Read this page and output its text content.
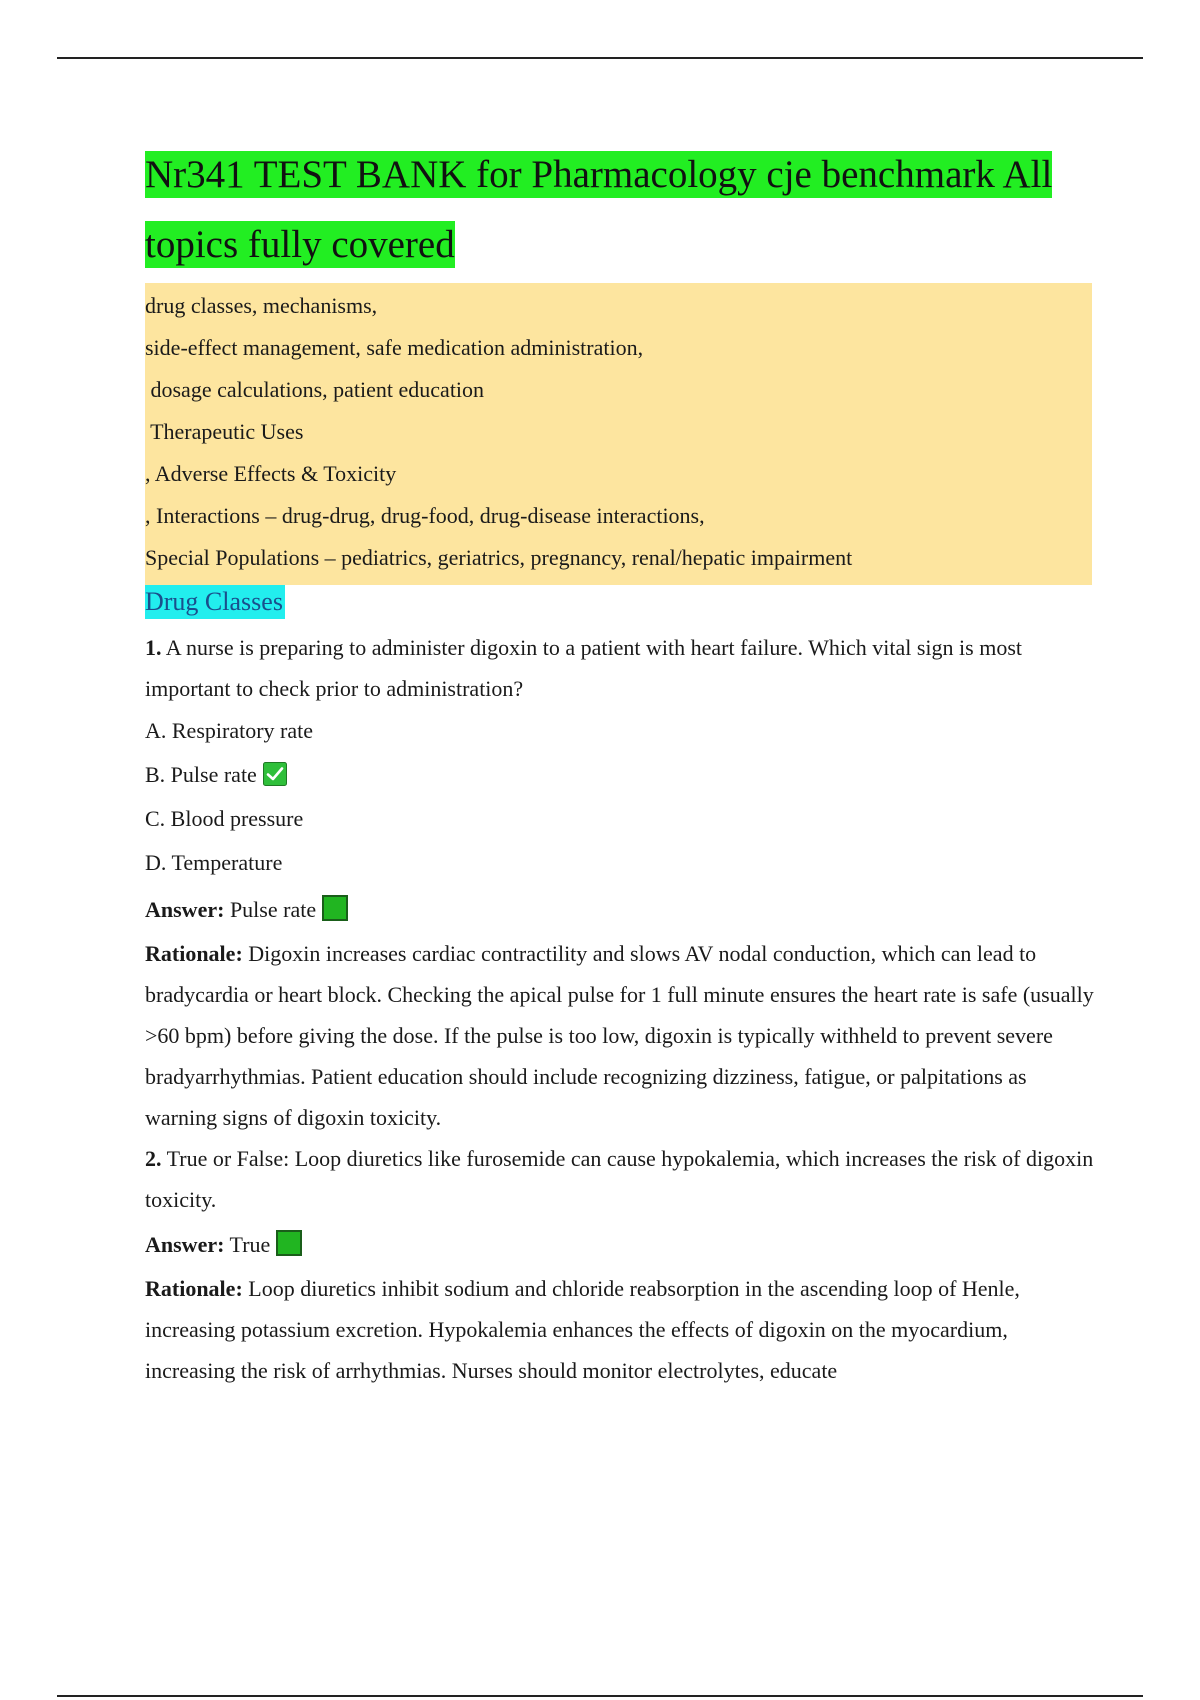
Nr341 TEST BANK for Pharmacology cje benchmark All
topics fully covered
drug classes, mechanisms,
side-effect management, safe medication administration,
dosage calculations, patient education
Therapeutic Uses
, Adverse Effects & Toxicity
, Interactions – drug-drug, drug-food, drug-disease interactions,
Special Populations – pediatrics, geriatrics, pregnancy, renal/hepatic impairment
Drug Classes

1. A nurse is preparing to administer digoxin to a patient with heart failure. Which vital sign is most important to check prior to administration?

A. Respiratory rate

B. Pulse rate

C. Blood pressure

D. Temperature

Answer: Pulse rate

Rationale: Digoxin increases cardiac contractility and slows AV nodal conduction, which can lead to bradycardia or heart block. Checking the apical pulse for 1 full minute ensures the heart rate is safe (usually >60 bpm) before giving the dose. If the pulse is too low, digoxin is typically withheld to prevent severe bradyarrhythmias. Patient education should include recognizing dizziness, fatigue, or palpitations as warning signs of digoxin toxicity.

2. True or False: Loop diuretics like furosemide can cause hypokalemia, which increases the risk of digoxin toxicity.

Answer: True

Rationale: Loop diuretics inhibit sodium and chloride reabsorption in the ascending loop of Henle, increasing potassium excretion. Hypokalemia enhances the effects of digoxin on the myocardium, increasing the risk of arrhythmias. Nurses should monitor electrolytes, educate
